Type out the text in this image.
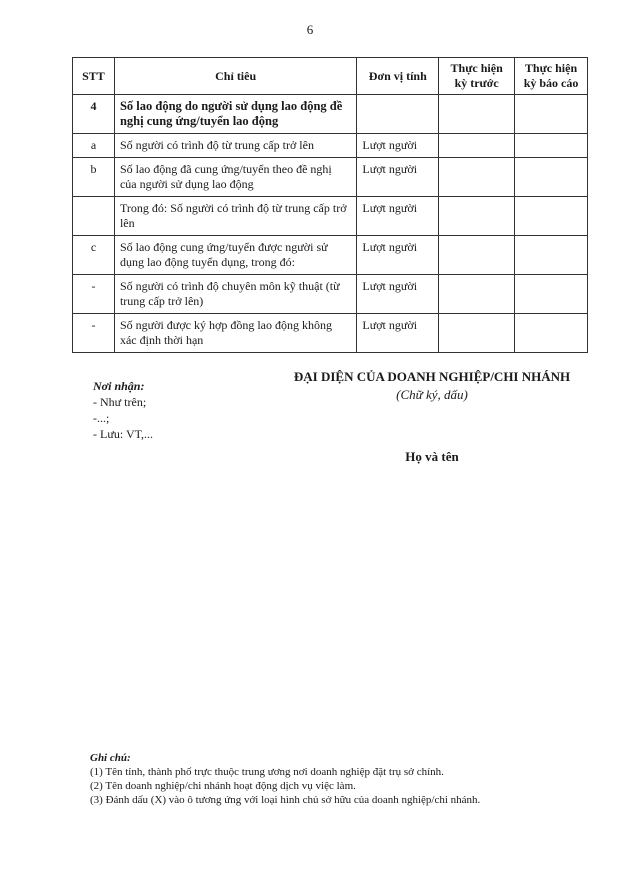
6
STT	Chỉ tiêu	Đơn vị tính	Thực hiện kỳ trước	Thực hiện kỳ báo cáo
4	Số lao động do người sử dụng lao động đề nghị cung ứng/tuyển lao động			
a	Số người có trình độ từ trung cấp trở lên	Lượt người		
b	Số lao động đã cung ứng/tuyển theo đề nghị của người sử dụng lao động	Lượt người		
	Trong đó: Số người có trình độ từ trung cấp trở lên	Lượt người		
c	Số lao động cung ứng/tuyển được người sử dụng lao động tuyển dụng, trong đó:	Lượt người		
-	Số người có trình độ chuyên môn kỹ thuật (từ trung cấp trở lên)	Lượt người		
-	Số người được ký hợp đồng lao động không xác định thời hạn	Lượt người		
Nơi nhận:
- Như trên;
-...;
- Lưu: VT,...
ĐẠI DIỆN CỦA DOANH NGHIỆP/CHI NHÁNH
(Chữ ký, dấu)
Họ và tên
Ghi chú:
(1) Tên tỉnh, thành phố trực thuộc trung ương nơi doanh nghiệp đặt trụ sở chính.
(2) Tên doanh nghiệp/chi nhánh hoạt động dịch vụ việc làm.
(3) Đánh dấu (X) vào ô tương ứng với loại hình chủ sở hữu của doanh nghiệp/chi nhánh.
